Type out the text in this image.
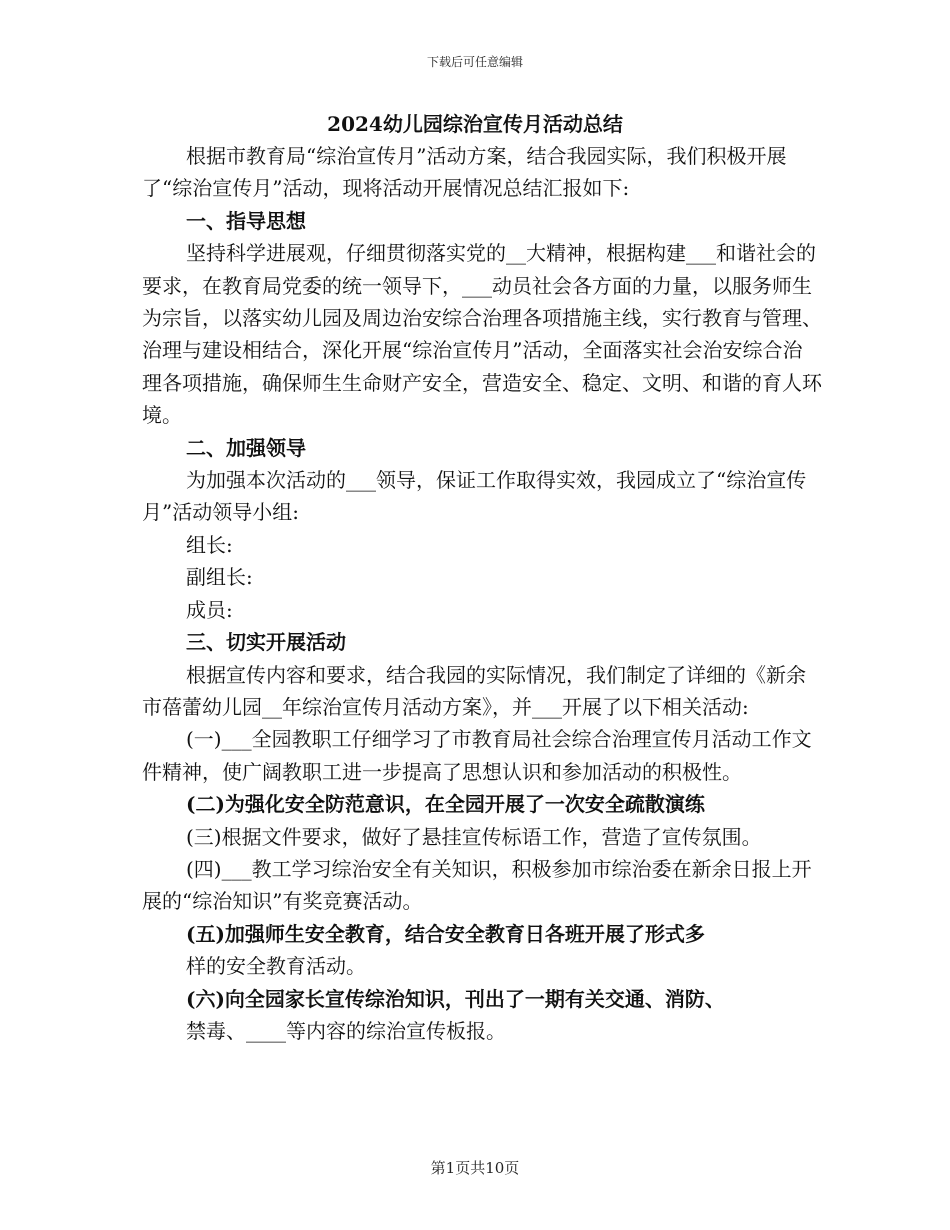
下载后可任意编辑
2024幼儿园综治宣传月活动总结

根据市教育局“综治宣传月”活动方案，结合我园实际，我们积极开展了“综治宣传月”活动，现将活动开展情况总结汇报如下:

一、指导思想

坚持科学进展观，仔细贯彻落实党的__大精神，根据构建___和谐社会的要求，在教育局党委的统一领导下，___动员社会各方面的力量，以服务师生为宗旨，以落实幼儿园及周边治安综合治理各项措施主线，实行教育与管理、治理与建设相结合，深化开展“综治宣传月”活动，全面落实社会治安综合治理各项措施，确保师生生命财产安全，营造安全、稳定、文明、和谐的育人环境。

二、加强领导

为加强本次活动的___领导，保证工作取得实效，我园成立了“综治宣传月”活动领导小组:

组长:

副组长:

成员:

三、切实开展活动

根据宣传内容和要求，结合我园的实际情况，我们制定了详细的《新余市蓓蕾幼儿园__年综治宣传月活动方案》，并___开展了以下相关活动:

(一)___全园教职工仔细学习了市教育局社会综合治理宣传月活动工作文件精神，使广阔教职工进一步提高了思想认识和参加活动的积极性。

(二)为强化安全防范意识，在全园开展了一次安全疏散演练

(三)根据文件要求，做好了悬挂宣传标语工作，营造了宣传氛围。

(四)___教工学习综治安全有关知识，积极参加市综治委在新余日报上开展的“综治知识”有奖竞赛活动。

(五)加强师生安全教育，结合安全教育日各班开展了形式多

样的安全教育活动。

(六)向全园家长宣传综治知识，刊出了一期有关交通、消防、

禁毒、____等内容的综治宣传板报。

第1页共10页
